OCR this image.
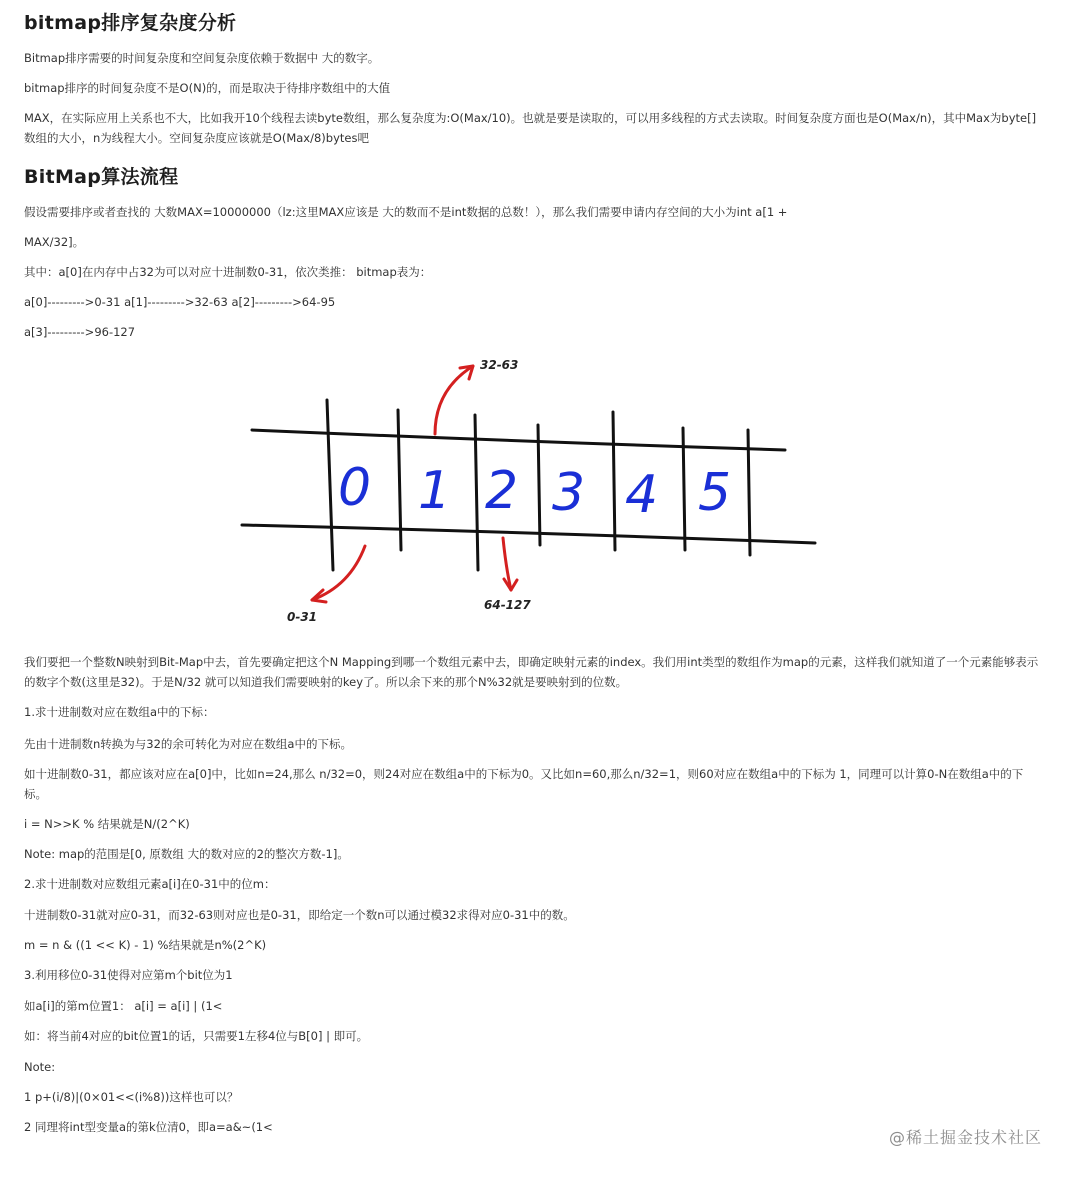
bitmap排序复杂度分析
Bitmap排序需要的时间复杂度和空间复杂度依赖于数据中 大的数字。
bitmap排序的时间复杂度不是O(N)的，而是取决于待排序数组中的大值
MAX，在实际应用上关系也不大，比如我开10个线程去读byte数组，那么复杂度为:O(Max/10)。也就是要是读取的，可以用多线程的方式去读取。时间复杂度方面也是O(Max/n)，其中Max为byte[]数组的大小，n为线程大小。空间复杂度应该就是O(Max/8)bytes吧
BitMap算法流程
假设需要排序或者查找的 大数MAX=10000000（lz:这里MAX应该是 大的数而不是int数据的总数！），那么我们需要申请内存空间的大小为int a[1 +
MAX/32]。
其中：a[0]在内存中占32为可以对应十进制数0-31，依次类推： bitmap表为：
a[0]--------->0-31 a[1]--------->32-63 a[2]--------->64-95
a[3]--------->96-127
0 1 2 3 4 5
32-63
0-31
64-127
我们要把一个整数N映射到Bit-Map中去，首先要确定把这个N Mapping到哪一个数组元素中去，即确定映射元素的index。我们用int类型的数组作为map的元素，这样我们就知道了一个元素能够表示的数字个数(这里是32)。于是N/32 就可以知道我们需要映射的key了。所以余下来的那个N%32就是要映射到的位数。
1.求十进制数对应在数组a中的下标：
先由十进制数n转换为与32的余可转化为对应在数组a中的下标。
如十进制数0-31，都应该对应在a[0]中，比如n=24,那么 n/32=0，则24对应在数组a中的下标为0。又比如n=60,那么n/32=1，则60对应在数组a中的下标为 1，同理可以计算0-N在数组a中的下标。
i = N>>K % 结果就是N/(2^K)
Note: map的范围是[0, 原数组 大的数对应的2的整次方数-1]。
2.求十进制数对应数组元素a[i]在0-31中的位m：
十进制数0-31就对应0-31，而32-63则对应也是0-31，即给定一个数n可以通过模32求得对应0-31中的数。
m = n & ((1 << K) - 1) %结果就是n%(2^K)
3.利用移位0-31使得对应第m个bit位为1
如a[i]的第m位置1： a[i] = a[i] | (1<
如：将当前4对应的bit位置1的话，只需要1左移4位与B[0] | 即可。
Note:
1 p+(i/8)|(0×01<<(i%8))这样也可以？
2 同理将int型变量a的第k位清0，即a=a&~(1<
@稀土掘金技术社区
